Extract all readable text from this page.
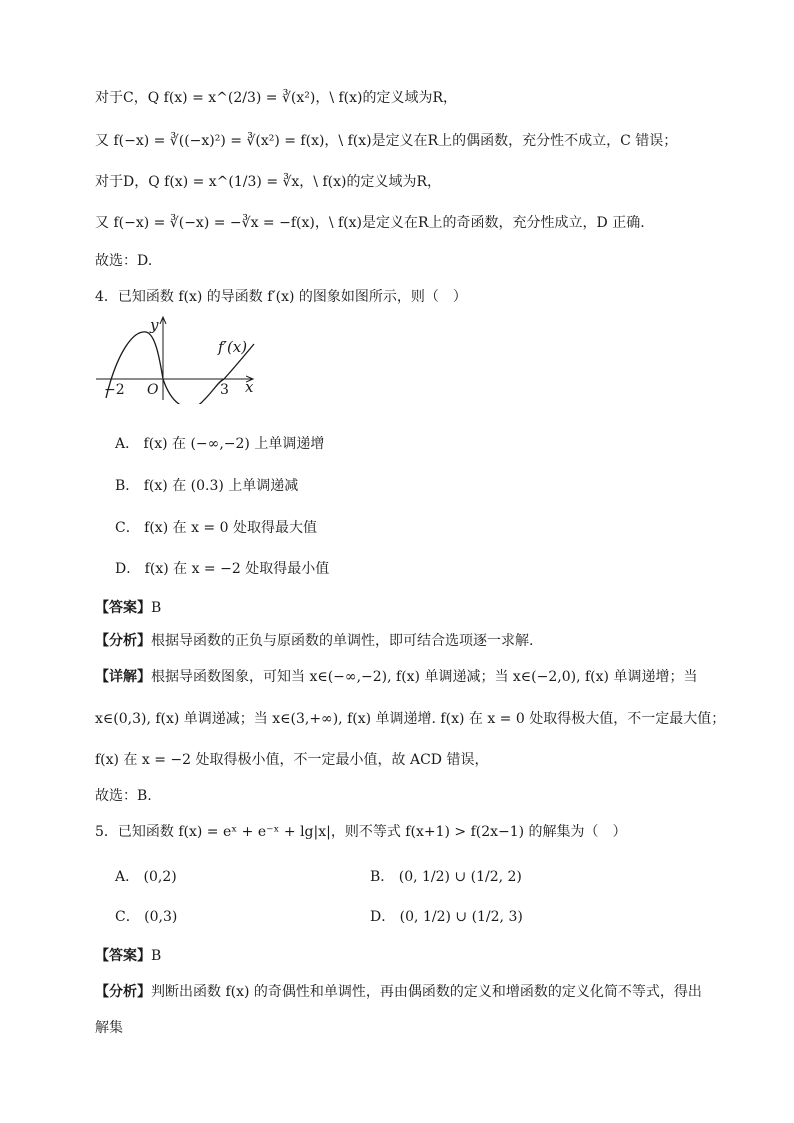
对于C，Q f(x) = x^(2/3) = ∛(x²)，\ f(x)的定义域为R，
又 f(−x) = ∛((−x)²) = ∛(x²) = f(x)，\ f(x)是定义在R上的偶函数，充分性不成立，C 错误；
对于D，Q f(x) = x^(1/3) = ∛x，\ f(x)的定义域为R，
又 f(−x) = ∛(−x) = −∛x = −f(x)，\ f(x)是定义在R上的奇函数，充分性成立，D 正确.
故选：D.
4．已知函数 f(x) 的导函数 f′(x) 的图象如图所示，则（　）
y
x
f′(x)
−2 O	3
A． f(x) 在 (−∞,−2) 上单调递增
B． f(x) 在 (0.3) 上单调递减
C． f(x) 在 x = 0 处取得最大值
D． f(x) 在 x = −2 处取得最小值
【答案】B
【分析】根据导函数的正负与原函数的单调性，即可结合选项逐一求解.
【详解】根据导函数图象，可知当 x∈(−∞,−2), f(x) 单调递减；当 x∈(−2,0), f(x) 单调递增；当
x∈(0,3), f(x) 单调递减；当 x∈(3,+∞), f(x) 单调递增. f(x) 在 x = 0 处取得极大值，不一定最大值；
f(x) 在 x = −2 处取得极小值，不一定最小值，故 ACD 错误，
故选：B.
5．已知函数 f(x) = eˣ + e⁻ˣ + lg|x|，则不等式 f(x+1) > f(2x−1) 的解集为（　）
A． (0,2)	B． (0, 1/2) ∪ (1/2, 2)
C． (0,3)	D． (0, 1/2) ∪ (1/2, 3)
【答案】B
【分析】判断出函数 f(x) 的奇偶性和单调性，再由偶函数的定义和增函数的定义化简不等式，得出
解集
